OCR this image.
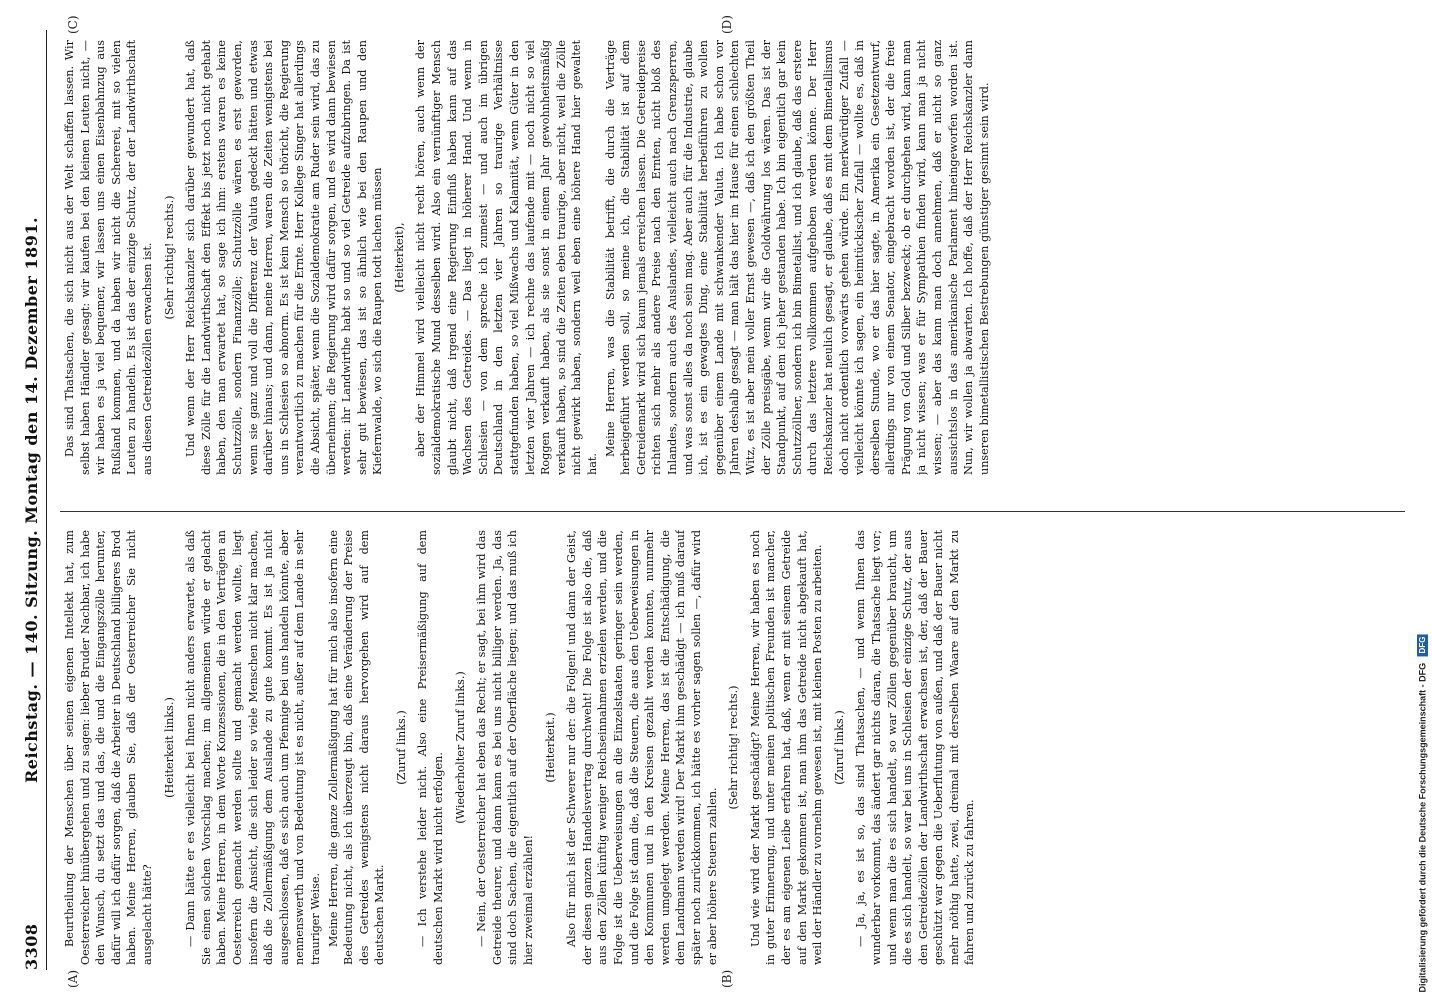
3308
Reichstag. — 140. Sitzung. Montag den 14. Dezember 1891.
(A)	(B)
(C)	(D)

Beurtheilung der Menschen über seinen eigenen Intellekt hat, zum Oesterreicher hinübergehen und zu sagen: lieber Bruder Nachbar, ich habe den Wunsch, du setzt das und das, die und die Eingangszölle herunter, dafür will ich dafür sorgen, daß die Arbeiter in Deutschland billigeres Brod haben. Meine Herren, glauben Sie, daß der Oesterreicher Sie nicht ausgelacht hätte?

(Heiterkeit links.) — Dann hätte er es vielleicht bei Ihnen nicht anders erwartet, als daß Sie einen solchen Vorschlag machen; im allgemeinen würde er gelacht haben. Meine Herren, in dem Worte Konzessionen, die in den Verträgen an Oesterreich gemacht werden sollte und gemacht werden wollte, liegt insofern die Ansicht, die sich leider so viele Menschen nicht klar machen, daß die Zollermäßigung dem Auslande zu gute kommt. Es ist ja nicht ausgeschlossen, daß es sich auch um Pfennige bei uns handeln könnte, aber nennenswerth und von Bedeutung ist es nicht, außer auf dem Lande in sehr trauriger Weise. Meine Herren, die ganze Zollermäßigung hat für mich also insofern eine Bedeutung nicht, als ich überzeugt bin, daß eine Veränderung der Preise des Getreides wenigstens nicht daraus hervorgehen wird auf dem deutschen Markt.

(Zuruf links.) — Ich verstehe leider nicht. Also eine Preisermäßigung auf dem deutschen Markt wird nicht erfolgen.

(Wiederholter Zuruf links.) — Nein, der Oesterreicher hat eben das Recht; er sagt, bei ihm wird das Getreide theurer, und dann kann es bei uns nicht billiger werden. Ja, das sind doch Sachen, die eigentlich auf der Oberfläche liegen; und das muß ich hier zweimal erzählen!

(Heiterkeit.) Also für mich ist der Schwerer nur der: die Folgen! und dann der Geist, der diesen ganzen Handelsvertrag durchweht! Die Folge ist also die, daß aus den Zöllen künftig weniger Reichseinnahmen erzielen werden, und die Folge ist die Ueberweisungen an die Einzelstaaten geringer sein werden, und die Folge ist dann die, daß die Steuern, die aus den Ueberweisungen in den Kommunen und in den Kreisen gezahlt werden konnten, nunmehr werden umgelegt werden. Meine Herren, das ist die Entschädigung, die dem Landmann werden wird! Der Markt ihm geschädigt — ich muß darauf später noch zurückkommen, ich hätte es vorher sagen sollen —, dafür wird er aber höhere Steuern zahlen.

(Sehr richtig! rechts.) Und wie wird der Markt geschädigt? Meine Herren, wir haben es noch in guter Erinnerung, und unter meinen politischen Freunden ist mancher, der es am eigenen Leibe erfahren hat, daß, wenn er mit seinem Getreide auf den Markt gekommen ist, man ihm das Getreide nicht abgekauft hat, weil der Händler zu vornehm gewesen ist, mit kleinen Posten zu arbeiten. (Zuruf links.) — Ja, ja, es ist so, das sind Thatsachen, — und wenn Ihnen das wunderbar vorkommt, das ändert gar nichts daran, die Thatsache liegt vor; und wenn man die es sich handelt, so war Zöllen gegenüber braucht, um die es sich handelt, so war bei uns in Schlesien der einzige Schutz, der aus den Getreidezöllen der Landwirthschaft erwachsen ist, der, daß der Bauer geschützt war gegen die Ueberflutung von außen, und daß der Bauer nicht mehr nöthig hatte, zwei, dreimal mit derselben Waare auf den Markt zu fahren und zurück zu fahren.

Das sind Thatsachen, die sich nicht aus der Welt schaffen lassen. Wir selbst haben Händler gesagt: wir kaufen bei den kleinen Leuten nicht, — wir haben es ja viel bequemer, wir lassen uns einen Eisenbahnzug aus Rußland kommen, und da haben wir nicht die Schererei, mit so vielen Leuten zu handeln. Es ist das der einzige Schutz, der der Landwirthschaft aus diesen Getreidezöllen erwachsen ist. (Sehr richtig! rechts.) Und wenn der Herr Reichskanzler sich darüber gewundert hat, daß diese Zölle für die Landwirthschaft den Effekt bis jetzt noch nicht gehabt haben, den man erwartet hat, so sage ich ihm: erstens waren es keine Schutzzölle, sondern Finanzzölle; Schutzzölle wären es erst geworden, wenn sie ganz und voll die Differenz der Valuta gedeckt hätten und etwas darüber hinaus; und dann, meine Herren, waren die Zeiten wenigstens bei uns in Schlesien so abnorm. Es ist kein Mensch so thöricht, die Regierung verantwortlich zu machen für die Ernte. Herr Kollege Singer hat allerdings die Absicht, später, wenn die Sozialdemokratie am Ruder sein wird, das zu übernehmen; die Regierung wird dafür sorgen, und es wird dann bewiesen werden: ihr Landwirthe habt so und so viel Getreide aufzubringen. Da ist sehr gut bewiesen, das ist so ähnlich wie bei den Raupen und den Kiefernwalde, wo sich die Raupen todt lachen müssen (Heiterkeit), aber der Himmel wird vielleicht nicht recht hören, auch wenn der sozialdemokratische Mund desselben wird. Also ein vernünftiger Mensch glaubt nicht, daß irgend eine Regierung Einfluß haben kann auf das Wachsen des Getreides. — Das liegt in höherer Hand. Und wenn in Schlesien — von dem spreche ich zumeist — und auch im übrigen Deutschland in den letzten vier Jahren so traurige Verhältnisse stattgefunden haben, so viel Mißwachs und Kalamität, wenn Güter in den letzten vier Jahren — ich rechne das laufende mit — noch nicht so viel Roggen verkauft haben, als sie sonst in einem Jahr gewohnheitsmäßig verkauft haben, so sind die Zeiten eben traurige, aber nicht, weil die Zölle nicht gewirkt haben, sondern weil eben eine höhere Hand hier gewaltet hat.

Meine Herren, was die Stabilität betrifft, die durch die Verträge herbeigeführt werden soll, so meine ich, die Stabilität ist auf dem Getreidemarkt wird sich kaum jemals erreichen lassen. Die Getreidepreise richten sich mehr als andere Preise nach den Ernten, nicht bloß des Inlandes, sondern auch des Auslandes, vielleicht auch nach Grenzsperren, und was sonst alles da noch sein mag. Aber auch für die Industrie, glaube ich, ist es ein gewagtes Ding, eine Stabilität herbeiführen zu wollen gegenüber einem Lande mit schwankender Valuta. Ich habe schon vor Jahren deshalb gesagt — man hält das hier im Hause für einen schlechten Witz, es ist aber mein voller Ernst gewesen —, daß ich den größten Theil der Zölle preisgäbe, wenn wir die Goldwährung los wären. Das ist der Standpunkt, auf dem ich jeher gestanden habe. Ich bin eigentlich gar kein Schutzzöllner, sondern ich bin Bimetallist, und ich glaube, daß das erstere durch das letztere vollkommen aufgehoben werden könne. Der Herr Reichskanzler hat neulich gesagt, er glaube, daß es mit dem Bimetallismus doch nicht ordentlich vorwärts gehen würde. Ein merkwürdiger Zufall — vielleicht könnte ich sagen, ein heimtückischer Zufall — wollte es, daß in derselben Stunde, wo er das hier sagte, in Amerika ein Gesetzentwurf, allerdings nur von einem Senator, eingebracht worden ist, der die freie Prägung von Gold und Silber bezweckt; ob er durchgehen wird, kann man ja nicht wissen; was er für Sympathien finden wird, kann man ja nicht wissen; — aber das kann man doch annehmen, daß er nicht so ganz aussichtslos in das amerikanische Parlament hineingeworfen worden ist. Nun, wir wollen ja abwarten. Ich hoffe, daß der Herr Reichskanzler dann unseren bimetallistischen Bestrebungen günstiger gesinnt sein wird.

Digitalisierung gefördert durch die Deutsche Forschungsgemeinschaft - DFG
DFG
